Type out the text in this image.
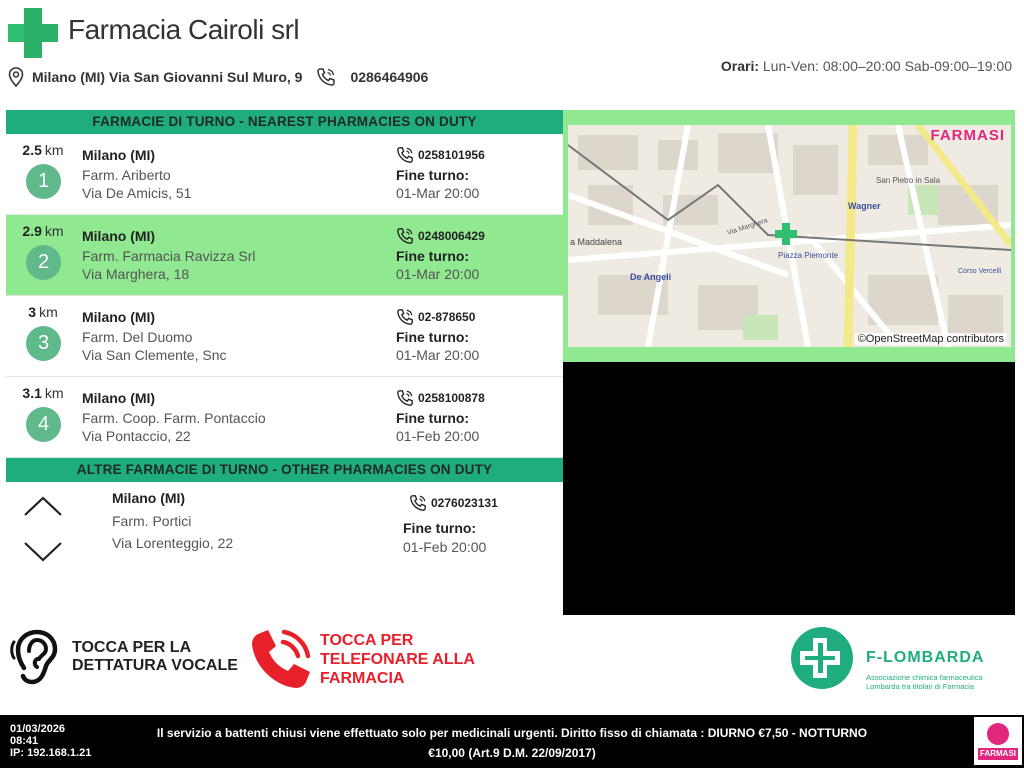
Farmacia Cairoli srl
Milano (MI) Via San Giovanni Sul Muro, 9	0286464906
Orari: Lun-Ven: 08:00–20:00 Sab-09:00–19:00
FARMACIE DI TURNO - NEAREST PHARMACIES ON DUTY
2.5 km
1
Milano (MI)
Farm. Ariberto
Via De Amicis, 51
0258101956
Fine turno:
01-Mar 20:00
2.9 km
2
Milano (MI)
Farm. Farmacia Ravizza Srl
Via Marghera, 18
0248006429
Fine turno:
01-Mar 20:00
3 km
3
Milano (MI)
Farm. Del Duomo
Via San Clemente, Snc
02-878650
Fine turno:
01-Mar 20:00
3.1 km
4
Milano (MI)
Farm. Coop. Farm. Pontaccio
Via Pontaccio, 22
0258100878
Fine turno:
01-Feb 20:00
ALTRE FARMACIE DI TURNO - OTHER PHARMACIES ON DUTY
Milano (MI)
Farm. Portici
Via Lorenteggio, 22
0276023131
Fine turno:
01-Feb 20:00
Wagner
De Angeli
Piazza Piemonte
San Pietro in Sala
Via Marghera
a Maddalena
Corso Vercelli
FARMASI
©OpenStreetMap contributors
TOCCA PER LA
DETTATURA VOCALE
TOCCA PER
TELEFONARE ALLA
FARMACIA
F-LOMBARDA
Associazione chimica farmaceutica
Lombarda tra titolari di Farmacia
01/03/2026
08:41
IP: 192.168.1.21
Il servizio a battenti chiusi viene effettuato solo per medicinali urgenti. Diritto fisso di chiamata : DIURNO €7,50 - NOTTURNO
€10,00 (Art.9 D.M. 22/09/2017)	FARMASI
